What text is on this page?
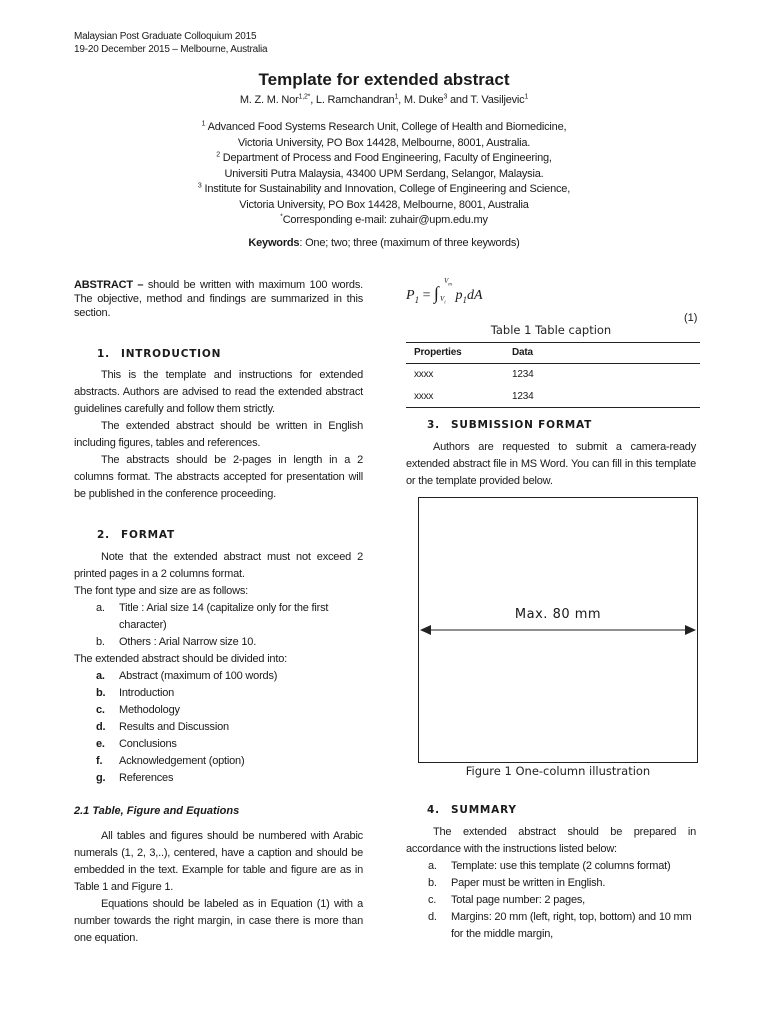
Malaysian Post Graduate Colloquium 2015
19-20 December 2015 – Melbourne, Australia
Template for extended abstract
M. Z. M. Nor$^{1,2*}$, L. Ramchandran$^1$, M. Duke$^3$ and T. Vasiljevic$^1$
$^1$ Advanced Food Systems Research Unit, College of Health and Biomedicine,
Victoria University, PO Box 14428, Melbourne, 8001, Australia.
$^2$ Department of Process and Food Engineering, Faculty of Engineering,
Universiti Putra Malaysia, 43400 UPM Serdang, Selangor, Malaysia.
$^3$ Institute for Sustainability and Innovation, College of Engineering and Science,
Victoria University, PO Box 14428, Melbourne, 8001, Australia
*Corresponding e-mail: zuhair@upm.edu.my
Keywords: One; two; three (maximum of three keywords)

ABSTRACT – should be written with maximum 100 words. The objective, method and findings are summarized in this section.

1. INTRODUCTION

This is the template and instructions for extended abstracts. Authors are advised to read the extended abstract guidelines carefully and follow them strictly.

The extended abstract should be written in English including figures, tables and references.

The abstracts should be 2-pages in length in a 2 columns format. The abstracts accepted for presentation will be published in the conference proceeding.

2. FORMAT

Note that the extended abstract must not exceed 2 printed pages in a 2 columns format.

The font type and size are as follows:

a. Title : Arial size 14 (capitalize only for the first character)
b. Others : Arial Narrow size 10.

The extended abstract should be divided into:

a. Abstract (maximum of 100 words)
b. Introduction
c. Methodology
d. Results and Discussion
e. Conclusions
f. Acknowledgement (option)
g. References
2.1 Table, Figure and Equations

All tables and figures should be numbered with Arabic numerals (1, 2, 3,..), centered, have a caption and should be embedded in the text. Example for table and figure are as in Table 1 and Figure 1.

Equations should be labeled as in Equation (1) with a number towards the right margin, in case there is more than one equation.

$P_1$ = ∫
$V_m$
$V_i$ $p_1dA$
(1)
Table 1 Table caption
Properties	Data
xxxx	1234
xxxx	1234
3. SUBMISSION FORMAT

Authors are requested to submit a camera-ready extended abstract file in MS Word. You can fill in this template or the template provided below.

Max. 80 mm
Figure 1 One-column illustration
4. SUMMARY

The extended abstract should be prepared in accordance with the instructions listed below:

a. Template: use this template (2 columns format)
b. Paper must be written in English.
c. Total page number: 2 pages,
d. Margins: 20 mm (left, right, top, bottom) and 10 mm for the middle margin,
